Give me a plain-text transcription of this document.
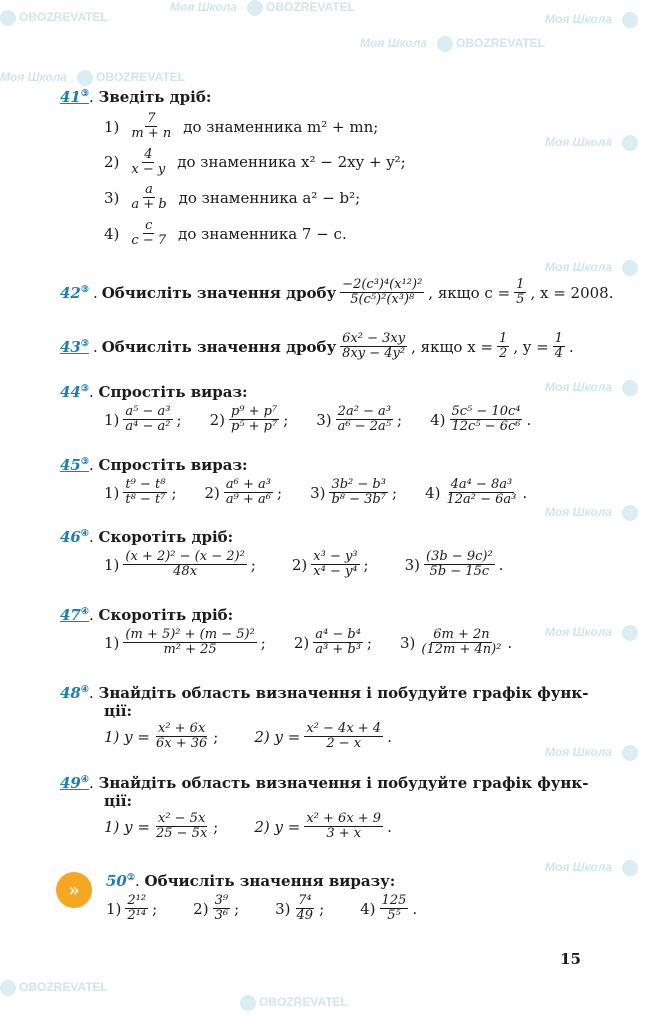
OBOZREVATEL
Моя Школа OBOZREVATEL
Моя Школа
Моя Школа OBOZREVATEL
Моя Школа OBOZREVATEL
Моя Школа
Моя Школа
Моя Школа
Моя Школа
Моя Школа
Моя Школа
Моя Школа
OBOZREVATEL
OBOZREVATEL
41③. Зведіть дріб:
$1) \frac{7}{m + n}$ до знаменника m² + mn;
$2) \frac{4}{x - y}$ до знаменника x² − 2xy + y²;
$3) \frac{a}{a + b}$ до знаменника a² − b²;
$4) \frac{c}{c - 7}$ до знаменника 7 − c.
42③ . Обчисліть значення дробу $\frac{\text{−2(c³)⁴(x¹²)²}}{\text{5(c⁵)²(x³)⁸}}$ , якщо $c = \frac{1}{5}$ , x = 2008.
43③ . Обчисліть значення дробу $\frac{\text{6x² − 3xy}}{\text{8xy − 4y²}}$ , якщо $x = \frac{1}{2}$ , $y = \frac{1}{4}$ .
44③. Спростіть вираз:
$1) \frac{\text{a⁵ − a³}}{\text{a⁴ − a²}}$ ; $2) \frac{\text{p⁹ + p⁷}}{\text{p⁵ + p⁷}}$ ; $3) \frac{\text{2a² − a³}}{\text{a⁶ − 2a⁵}}$ ; $4) \frac{\text{5c⁵ − 10c⁴}}{\text{12c⁵ − 6c⁶}}$ .
45③. Спростіть вираз:
$1) \frac{\text{t⁹ − t⁸}}{\text{t⁸ − t⁷}}$ ; $2) \frac{\text{a⁶ + a³}}{\text{a⁹ + a⁶}}$ ; $3) \frac{\text{3b² − b³}}{\text{b⁸ − 3b⁷}}$ ; $4) \frac{\text{4a⁴ − 8a³}}{\text{12a² − 6a³}}$ .
46④. Скоротіть дріб:
$1) \frac{\text{(x + 2)² − (x − 2)²}}{48x}$ ; $2) \frac{\text{x³ − y³}}{\text{x⁴ − y⁴}}$ ; $3) \frac{\text{(3b − 9c)²}}{5b - 15c}$ .
47④. Скоротіть дріб:
$1) \frac{\text{(m + 5)² + (m − 5)²}}{\text{m² + 25}}$ ; $2) \frac{\text{a⁴ − b⁴}}{\text{a³ + b³}}$ ; $3) \frac{6m + 2n}{\text{(12m + 4n)²}}$ .
48④. Знайдіть область визначення і побудуйте графік функ-
ції:
1) $y = \frac{\text{x² + 6x}}{6x + 36}$ ; 2) $y = \frac{\text{x² − 4x + 4}}{2 - x}$ .
49④. Знайдіть область визначення і побудуйте графік функ-
ції:
1) $y = \frac{\text{x² − 5x}}{25 - 5x}$ ; 2) $y = \frac{\text{x² + 6x + 9}}{3 + x}$ .
»	50②. Обчисліть значення виразу:
$1) \frac{\text{2¹²}}{\text{2¹⁴}}$ ; $2) \frac{\text{3⁹}}{\text{3⁶}}$ ; $3) \frac{\text{7⁴}}{49}$ ; $4) \frac{125}{\text{5⁵}}$ .
15
